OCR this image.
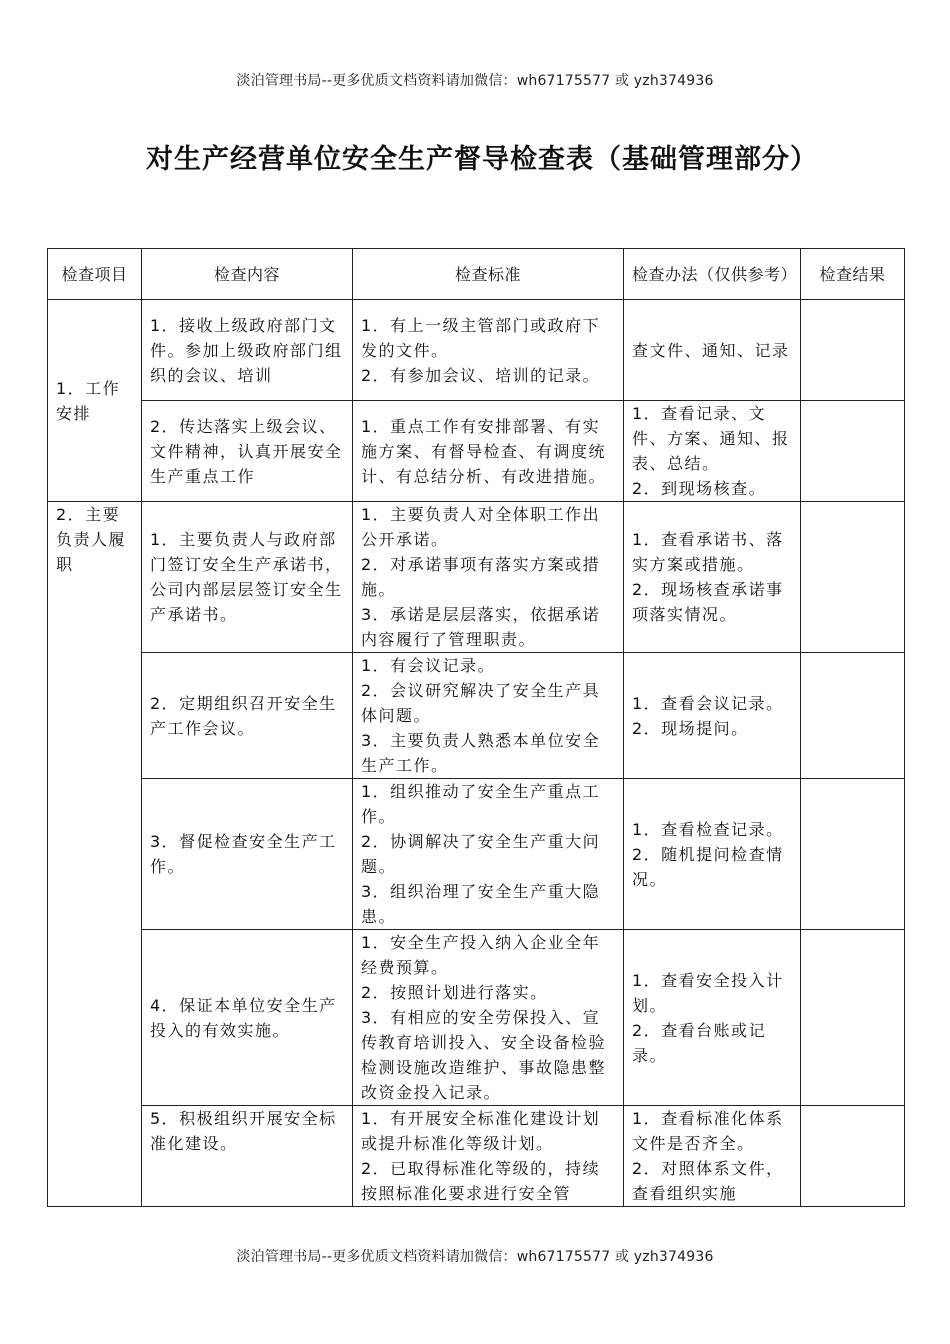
淡泊管理书局--更多优质文档资料请加微信：wh67175577 或 yzh374936
对生产经营单位安全生产督导检查表（基础管理部分）
检查项目	检查内容	检查标准	检查办法（仅供参考）	检查结果
1．工作安排	1．接收上级政府部门文件。参加上级政府部门组织的会议、培训	1．有上一级主管部门或政府下发的文件。
2．有参加会议、培训的记录。	查文件、通知、记录	

	2．传达落实上级会议、文件精神，认真开展安全生产重点工作	1．重点工作有安排部署、有实施方案、有督导检查、有调度统计、有总结分析、有改进措施。	1．查看记录、文件、方案、通知、报表、总结。
2．到现场核查。	

2．主要负责人履职	1．主要负责人与政府部门签订安全生产承诺书，公司内部层层签订安全生产承诺书。	1．主要负责人对全体职工作出公开承诺。
2．对承诺事项有落实方案或措施。
3．承诺是层层落实，依据承诺内容履行了管理职责。	1．查看承诺书、落实方案或措施。
2．现场核查承诺事项落实情况。	

	2．定期组织召开安全生产工作会议。	1．有会议记录。
2．会议研究解决了安全生产具体问题。
3．主要负责人熟悉本单位安全生产工作。	1．查看会议记录。
2．现场提问。	

	3．督促检查安全生产工作。	1．组织推动了安全生产重点工作。
2．协调解决了安全生产重大问题。
3．组织治理了安全生产重大隐患。	1．查看检查记录。
2．随机提问检查情况。	

	4．保证本单位安全生产投入的有效实施。	1．安全生产投入纳入企业全年经费预算。
2．按照计划进行落实。
3．有相应的安全劳保投入、宣传教育培训投入、安全设备检验检测设施改造维护、事故隐患整改资金投入记录。	1．查看安全投入计划。
2．查看台账或记录。	

	5．积极组织开展安全标准化建设。	1．有开展安全标准化建设计划或提升标准化等级计划。
2．已取得标准化等级的，持续按照标准化要求进行安全管	1．查看标准化体系文件是否齐全。
2．对照体系文件，查看组织实施	

淡泊管理书局--更多优质文档资料请加微信：wh67175577 或 yzh374936
